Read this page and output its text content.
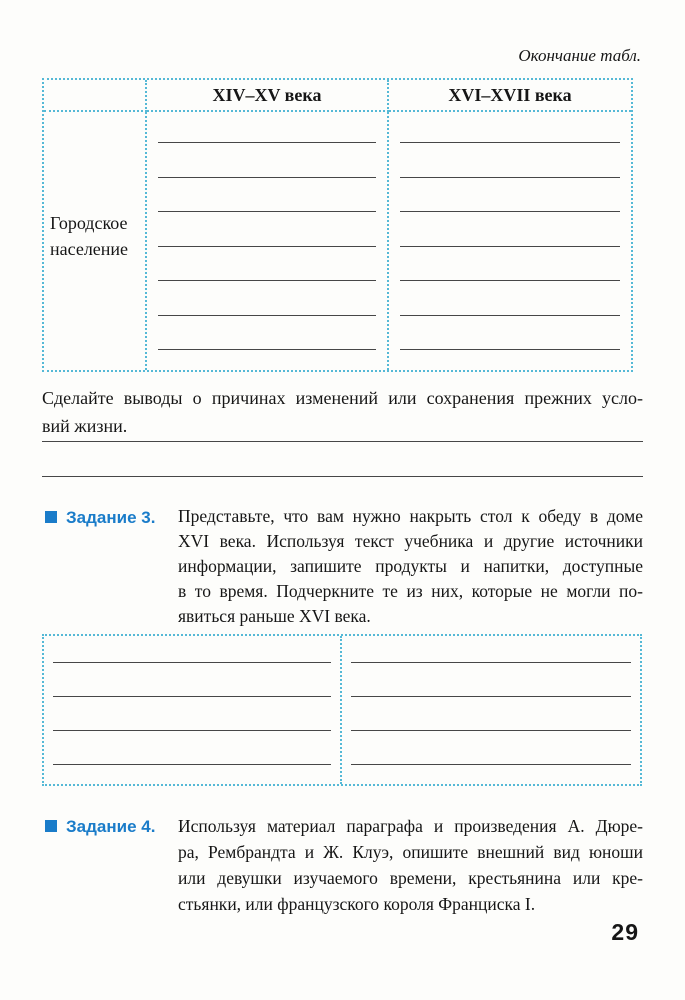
Окончание табл.
XIV–XV века	XVI–XVII века
Городское население
Сделайте выводы о причинах изменений или сохранения прежних усло-
вий жизни.
Задание 3.	Представьте, что вам нужно накрыть стол к обеду в доме
XVI века. Используя текст учебника и другие источники
информации, запишите продукты и напитки, доступные
в то время. Подчеркните те из них, которые не могли по-
явиться раньше XVI века.
Задание 4.	Используя материал параграфа и произведения А. Дюре-
ра, Рембрандта и Ж. Клуэ, опишите внешний вид юноши
или девушки изучаемого времени, крестьянина или кре-
стьянки, или французского короля Франциска I.
29
